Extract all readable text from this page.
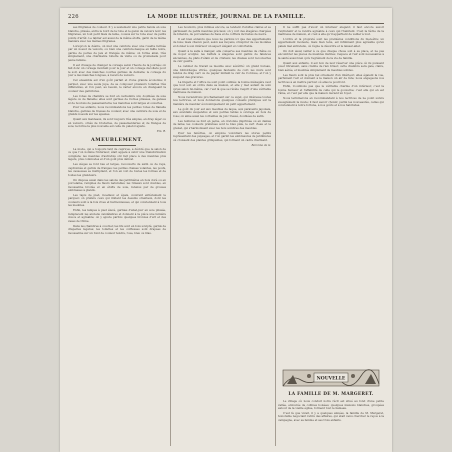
226	LA MODE ILLUSTRÉE, JOURNAL DE LA FAMILLE.

ses filigranes de couleur. Il y a seulement une petite bande en soie blanche, plissée, entre le bord de la robe et le galon de velours noir; les filigranes, un tout petit biais de laine, cousus sur la robe avec de petits points d'arrêt. Le tablier est aussi de la même étoffe, garni de la même manière avec les mêmes filigranes.

Lorsqu'on le désire, on met une ceinture avec une rosette fermée par un noeud de velours, ou bien une ceinture-basque en faille noire, garnie de perles de jais et frangée de même; on forme ainsi, très simplement, une charmante toilette de visite ou de promenade pour jeune femme.

Il est d'usage de changer le corsage selon l'heure de la journée; on fait donc un corsage montant pour le jour et un corsage décolleté pour le soir, avec des manches courtes garnies de dentelle; le corsage du jour a des manches longues, à revers de velours.

Cet ensemble est d'un goût parfait et d'une grande économie; il permet, avec une seule jupe, de se composer plusieurs toilettes très différentes, et l'on peut, au besoin, le varier encore en changeant la couleur des garnitures.

Les robes de chambre se font en cachemire uni, doublées de soie légère ou de flanelle; elles sont garnies de ruches plissées, de ganses et de boutons de passementerie; les manches sont larges et ouvertes.

Pour les enfants, nous recommandons les petites robes de flanelle blanche, garnies de tresses de couleur, avec une ceinture de soie et de grands noeuds sur les épaules.

Quant aux manteaux, ils sont toujours très amples, en drap léger ou en velours, ornés de broderies, de passementeries et de franges de soie; la forme la plus nouvelle est celle du paletot ajusté.

Em. R.
AMEUBLEMENT.

La mode, qui a toujours tant de caprices, a décidé que le salon de ce que l'on nomme l'intérieur, était appelé à subir une transformation complète; les meubles d'autrefois ont fait place à des meubles plus légers, plus commodes et d'un goût plus délicat.

Les sièges se font bas et larges, recouverts de satin ou de reps, capitonnés et garnis de franges; les petites chaises volantes, les poufs, les causeuses se multiplient, et l'on en voit de toutes les formes et de toutes les grandeurs.

On dispose aussi dans les salons des jardinières en bois doré ou en porcelaine, remplies de fleurs naturelles; les rideaux sont doubles, en mousseline brodée et en étoffe de soie, retenus par de grosses embrasses à glands.

Les tapis de pied, moelleux et épais, couvrent entièrement le parquet; on préfère ceux qui imitent les dessins orientaux, dont les couleurs sont à la fois vives et harmonieuses, et qui conviennent à tous les meubles.

Enfin, les lampes à pied élevé, garnies d'abat-jour en soie plissée, remplacent les anciens candélabres et donnent à la pièce une lumière douce et agréable; on y ajoute parfois quelques bronzes d'art et des vases de Chine.

Dans les chambres à coucher, les lits sont en bois sculpté, garnis de draperies légères; les toilettes et les coiffeuses sont drapées de mousseline sur un fond de couleur tendre, rose, bleu ou lilas.

Les boudoirs, plus intimes encore, se tendent d'étoffes claires et se garnissent de petits meubles précieux; on y voit des étagères chargées de bibelots, de porcelaines de Saxe et de coffrets incrustés de nacre.

Il est bien entendu que nous ne parlons ici que des appartements de luxe; mais chacun peut, selon ses moyens, s'inspirer de ces modèles et donner à son intérieur un aspect élégant et confortable.

Quant à la salle à manger, elle conserve ses meubles de chêne ou de noyer sculpté; les buffets à étagères sont garnis de faïences anciennes, de plats d'étain et de cristaux; les chaises sont recouvertes de cuir gaufré.

Le cabinet de travail se meuble avec sévérité: un grand bureau, une bibliothèque vitrée, quelques fauteuils de cuir; les murs sont tendus de drap vert ou de papier imitant le cuir de Cordoue, et l'on y suspend des gravures.

La lingerie et l'office ne sont point oubliés; la bonne ménagère veut que tout soit en ordre dans sa maison, et elle y met autant de soin qu'au salon lui-même, car c'est là que se révèle l'esprit d'une véritable maîtresse de maison.

Nous reviendrons prochainement sur ce sujet, qui intéresse toutes nos lectrices, et nous donnerons quelques conseils pratiques sur la manière de meubler économiquement un petit appartement.

Le goût du jour est aux meubles de laque, aux paravents japonais, aux éventails suspendus et aux petites tables à ouvrage en bois de rose; on aime aussi les corbeilles de jonc tressé, doublées de satin.

Les tentures se font en perse, en cretonne imprimée ou en damas de laine; les couleurs préférées sont le bleu pâle, le vert d'eau et le grenat, qui s'harmonisent avec les bois sombres des meubles.

Pour les fenêtres, on emploie volontiers les stores peints représentant des paysages, et l'on garnit les embrasures de jardinières où croissent des plantes grimpantes, qui forment un cadre charmant.

Baronne de G.

Il ne suffit pas d'avoir un intérieur élégant; il faut encore savoir l'entretenir et le rendre agréable à ceux qui l'habitent. C'est la tâche de la maîtresse de maison, et c'est à elle qu'il appartient de veiller à tout.

L'ordre et la propreté sont les premières conditions du bien-être; un appartement modeste, mais bien tenu, est infiniment plus agréable qu'un palais mal entretenu, où règne le désordre et le laisser-aller.

On doit aussi veiller à ce que chaque chose soit à sa place, et ne pas encombrer les pièces de meubles inutiles; l'espace et l'air sont nécessaires à la santé aussi bien qu'à l'agrément de la vie de famille.

Quant aux enfants, il est bon de leur réserver une pièce où ils puissent jouer librement, sans crainte de rien briser; cette chambre sera gaie, claire, bien aérée, et meublée simplement de meubles solides.

Les fleurs sont le plus bel ornement d'un intérieur; elles égaient la vue, parfument l'air et donnent à la maison un air de fête; nous engageons nos lectrices à en mettre partout où elles le pourront.

Enfin, n'oublions pas que le véritable charme d'un intérieur, c'est la bonne humeur et l'affabilité de celle qui le gouverne; c'est elle qui en est l'âme, et c'est par elle que la maison devient un foyer.

Nous terminerons en recommandant à nos lectrices de ne point suivre aveuglément la mode; il faut savoir choisir, parmi les nouveautés, celles qui conviennent à notre fortune, à nos goûts et à nos habitudes.

NOUVELLE
LA FAMILLE DE M. MARGERET.

Le village où nous conduit notre récit est situé au fond d'une petite vallée, entourée de collines boisées; quelques maisons blanches, groupées autour de la vieille église, forment tout le hameau.

C'est là que vivait, il y a quelques années, la famille de M. Margeret, honorable négociant retiré des affaires, qui était venu chercher le repos à la campagne, avec sa femme et ses trois enfants.
